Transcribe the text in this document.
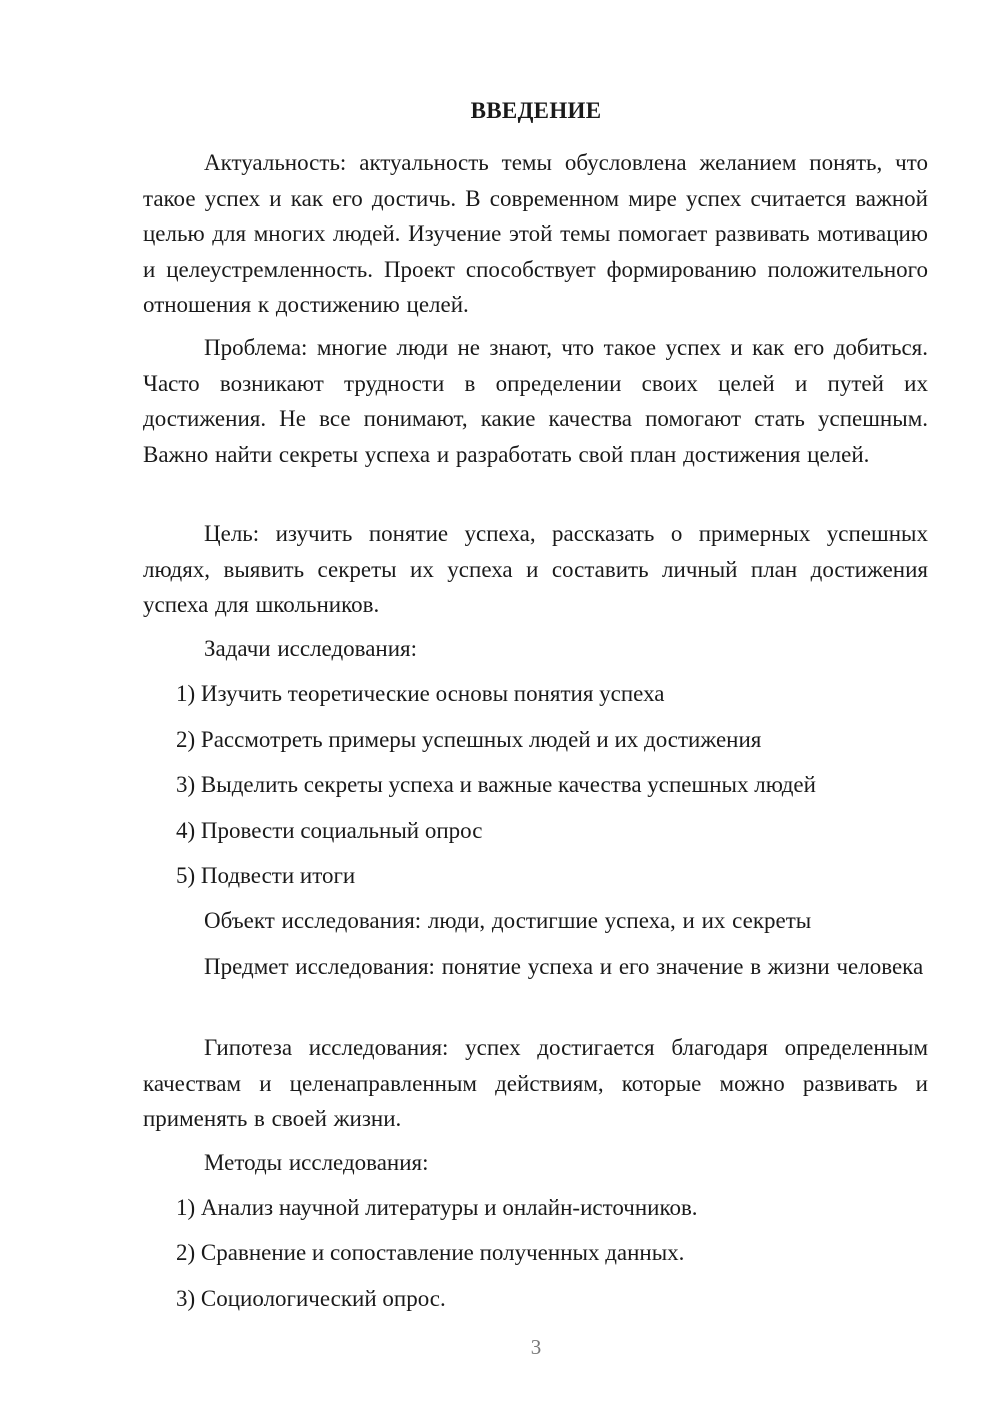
ВВЕДЕНИЕ

Актуальность: актуальность темы обусловлена желанием понять, что такое успех и как его достичь. В современном мире успех считается важной целью для многих людей. Изучение этой темы помогает развивать мотивацию и целеустремленность. Проект способствует формированию положительного отношения к достижению целей.

Проблема: многие люди не знают, что такое успех и как его добиться. Часто возникают трудности в определении своих целей и путей их достижения. Не все понимают, какие качества помогают стать успешным. Важно найти секреты успеха и разработать свой план достижения целей.

Цель: изучить понятие успеха, рассказать о примерных успешных людях, выявить секреты их успеха и составить личный план достижения успеха для школьников.

Задачи исследования:

1) Изучить теоретические основы понятия успеха

2) Рассмотреть примеры успешных людей и их достижения

3) Выделить секреты успеха и важные качества успешных людей

4) Провести социальный опрос

5) Подвести итоги

Объект исследования: люди, достигшие успеха, и их секреты

Предмет исследования: понятие успеха и его значение в жизни человека

Гипотеза исследования: успех достигается благодаря определенным качествам и целенаправленным действиям, которые можно развивать и применять в своей жизни.

Методы исследования:

1) Анализ научной литературы и онлайн-источников.

2) Сравнение и сопоставление полученных данных.

3) Социологический опрос.

3
